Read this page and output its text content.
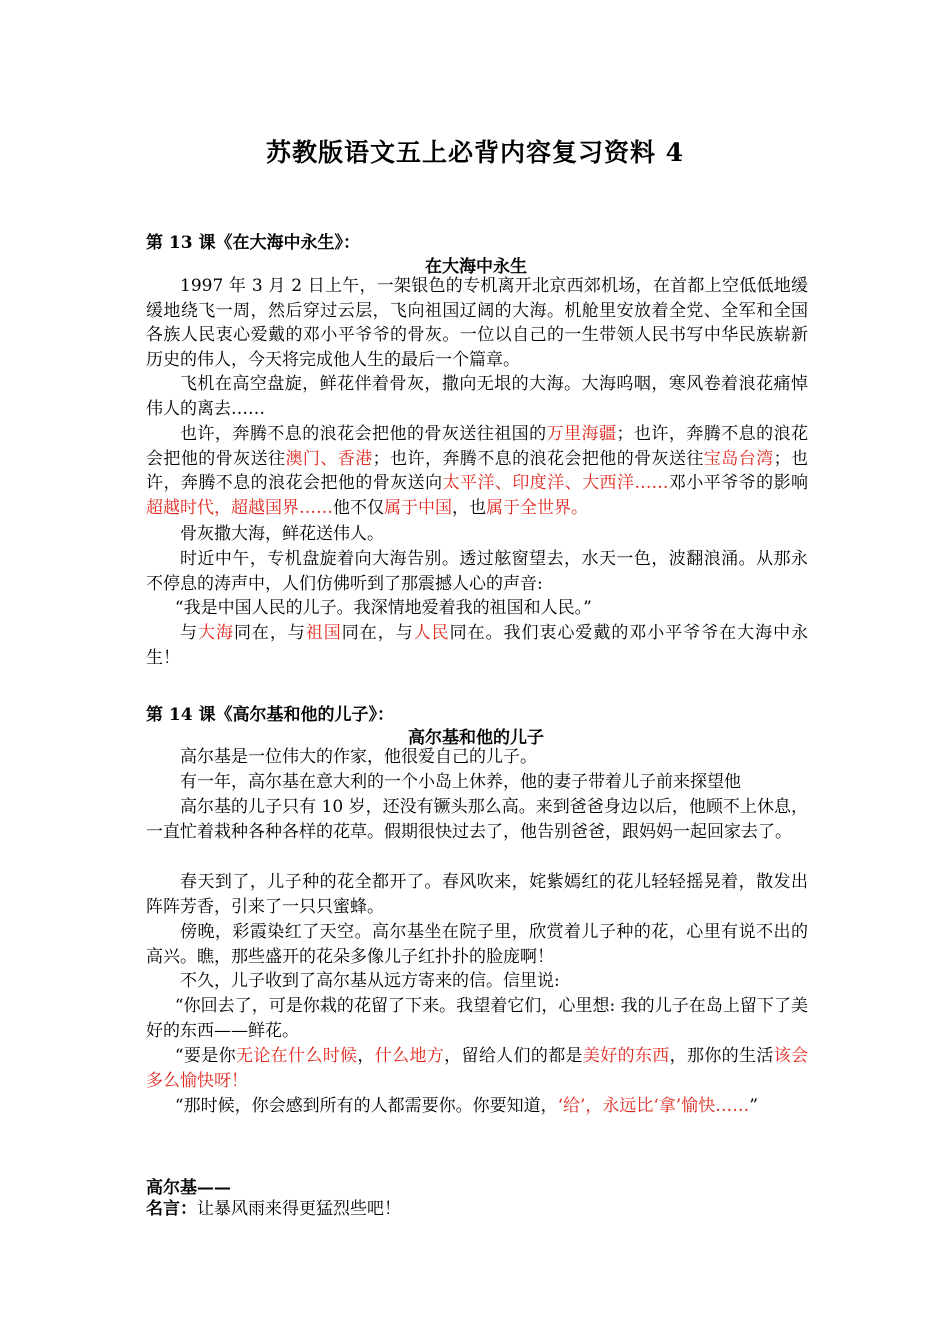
苏教版语文五上必背内容复习资料 4
第 13 课《在大海中永生》：
在大海中永生
1997 年 3 月 2 日上午，一架银色的专机离开北京西郊机场，在首都上空低低地缓缓地绕飞一周，然后穿过云层，飞向祖国辽阔的大海。机舱里安放着全党、全军和全国各族人民衷心爱戴的邓小平爷爷的骨灰。一位以自己的一生带领人民书写中华民族崭新历史的伟人，今天将完成他人生的最后一个篇章。
飞机在高空盘旋，鲜花伴着骨灰，撒向无垠的大海。大海呜咽，寒风卷着浪花痛悼伟人的离去……
也许，奔腾不息的浪花会把他的骨灰送往祖国的万里海疆；也许，奔腾不息的浪花会把他的骨灰送往澳门、香港；也许，奔腾不息的浪花会把他的骨灰送往宝岛台湾；也许，奔腾不息的浪花会把他的骨灰送向太平洋、印度洋、大西洋……邓小平爷爷的影响超越时代，超越国界……他不仅属于中国，也属于全世界。
骨灰撒大海，鲜花送伟人。
时近中午，专机盘旋着向大海告别。透过舷窗望去，水天一色，波翻浪涌。从那永不停息的涛声中，人们仿佛听到了那震撼人心的声音:
“我是中国人民的儿子。我深情地爱着我的祖国和人民。”
与大海同在，与祖国同在，与人民同在。我们衷心爱戴的邓小平爷爷在大海中永生！
第 14 课《高尔基和他的儿子》：
高尔基和他的儿子
高尔基是一位伟大的作家，他很爱自己的儿子。
有一年，高尔基在意大利的一个小岛上休养，他的妻子带着儿子前来探望他
高尔基的儿子只有 10 岁，还没有镢头那么高。来到爸爸身边以后，他顾不上休息，一直忙着栽种各种各样的花草。假期很快过去了，他告别爸爸，跟妈妈一起回家去了。
春天到了，儿子种的花全都开了。春风吹来，姹紫嫣红的花儿轻轻摇晃着，散发出阵阵芳香，引来了一只只蜜蜂。
傍晚，彩霞染红了天空。高尔基坐在院子里，欣赏着儿子种的花，心里有说不出的高兴。瞧，那些盛开的花朵多像儿子红扑扑的脸庞啊！
不久，儿子收到了高尔基从远方寄来的信。信里说:
“你回去了，可是你栽的花留了下来。我望着它们，心里想: 我的儿子在岛上留下了美好的东西——鲜花。
“要是你无论在什么时候，什么地方，留给人们的都是美好的东西，那你的生活该会多么愉快呀！
“那时候，你会感到所有的人都需要你。你要知道，‘给’，永远比‘拿’愉快……”
高尔基——
名言：让暴风雨来得更猛烈些吧！
